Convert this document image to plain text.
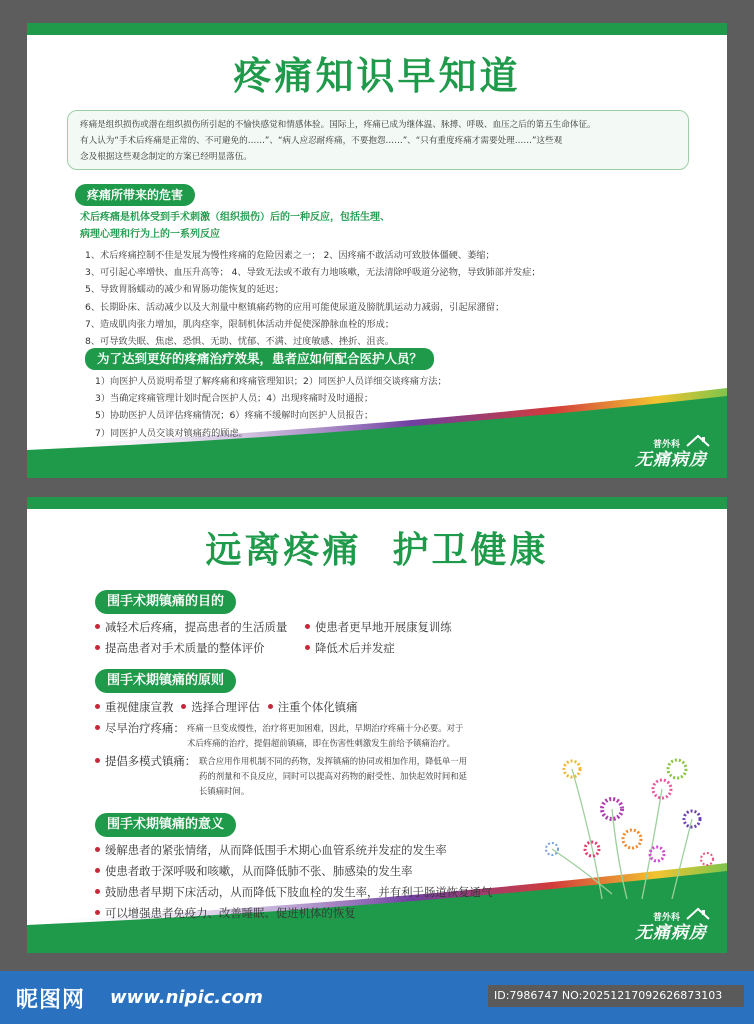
疼痛知识早知道

疼痛是组织损伤或潜在组织损伤所引起的不愉快感觉和情感体验。国际上，疼痛已成为继体温、脉搏、呼吸、血压之后的第五生命体征。

有人认为“手术后疼痛是正常的、不可避免的……”、“病人应忍耐疼痛，不要抱怨……”、“只有重度疼痛才需要处理……”这些观

念及根据这些观念制定的方案已经明显落伍。

疼痛所带来的危害
术后疼痛是机体受到手术刺激（组织损伤）后的一种反应，包括生理、
病理心理和行为上的一系列反应
1、术后疼痛控制不佳是发展为慢性疼痛的危险因素之一； 2、因疼痛不敢活动可致肢体僵硬、萎缩；
3、可引起心率增快、血压升高等； 4、导致无法或不敢有力地咳嗽，无法清除呼吸道分泌物，导致肺部并发症；
5、导致胃肠蠕动的减少和胃肠功能恢复的延迟；
6、长期卧床、活动减少以及大剂量中枢镇痛药物的应用可能使尿道及膀胱肌运动力减弱，引起尿潴留；
7、造成肌肉张力增加，肌肉痉挛，限制机体活动并促使深静脉血栓的形成；
8、可导致失眠、焦虑、恐惧、无助、忧郁、不满、过度敏感、挫折、沮丧。
为了达到更好的疼痛治疗效果，患者应如何配合医护人员？
1）向医护人员说明希望了解疼痛和疼痛管理知识；2）同医护人员详细交谈疼痛方法；
3）当确定疼痛管理计划时配合医护人员；4）出现疼痛时及时通报；
5）协助医护人员评估疼痛情况；6）疼痛不缓解时向医护人员报告；
7）同医护人员交谈对镇痛药的顾虑。
普外科
无痛病房
远离疼痛  护卫健康
围手术期镇痛的目的
减轻术后疼痛，提高患者的生活质量	使患者更早地开展康复训练
提高患者对手术质量的整体评价	降低术后并发症
围手术期镇痛的原则
重视健康宣教	选择合理评估	注重个体化镇痛
尽早治疗疼痛： 疼痛一旦变成慢性，治疗将更加困难，因此，早期治疗疼痛十分必要。对于
术后疼痛的治疗，提倡超前镇痛，即在伤害性刺激发生前给予镇痛治疗。
提倡多模式镇痛： 联合应用作用机制不同的药物，发挥镇痛的协同或相加作用，降低单一用
药的剂量和不良反应，同时可以提高对药物的耐受性、加快起效时间和延
长镇痛时间。
围手术期镇痛的意义
缓解患者的紧张情绪，从而降低围手术期心血管系统并发症的发生率
使患者敢于深呼吸和咳嗽，从而降低肺不张、肺感染的发生率
鼓励患者早期下床活动，从而降低下肢血栓的发生率，并有利于肠道恢复通气
可以增强患者免疫力、改善睡眠、促进机体的恢复	普外科
无痛病房
昵图网 www.nipic.com	ID:7986747 NO:20251217092626873103
